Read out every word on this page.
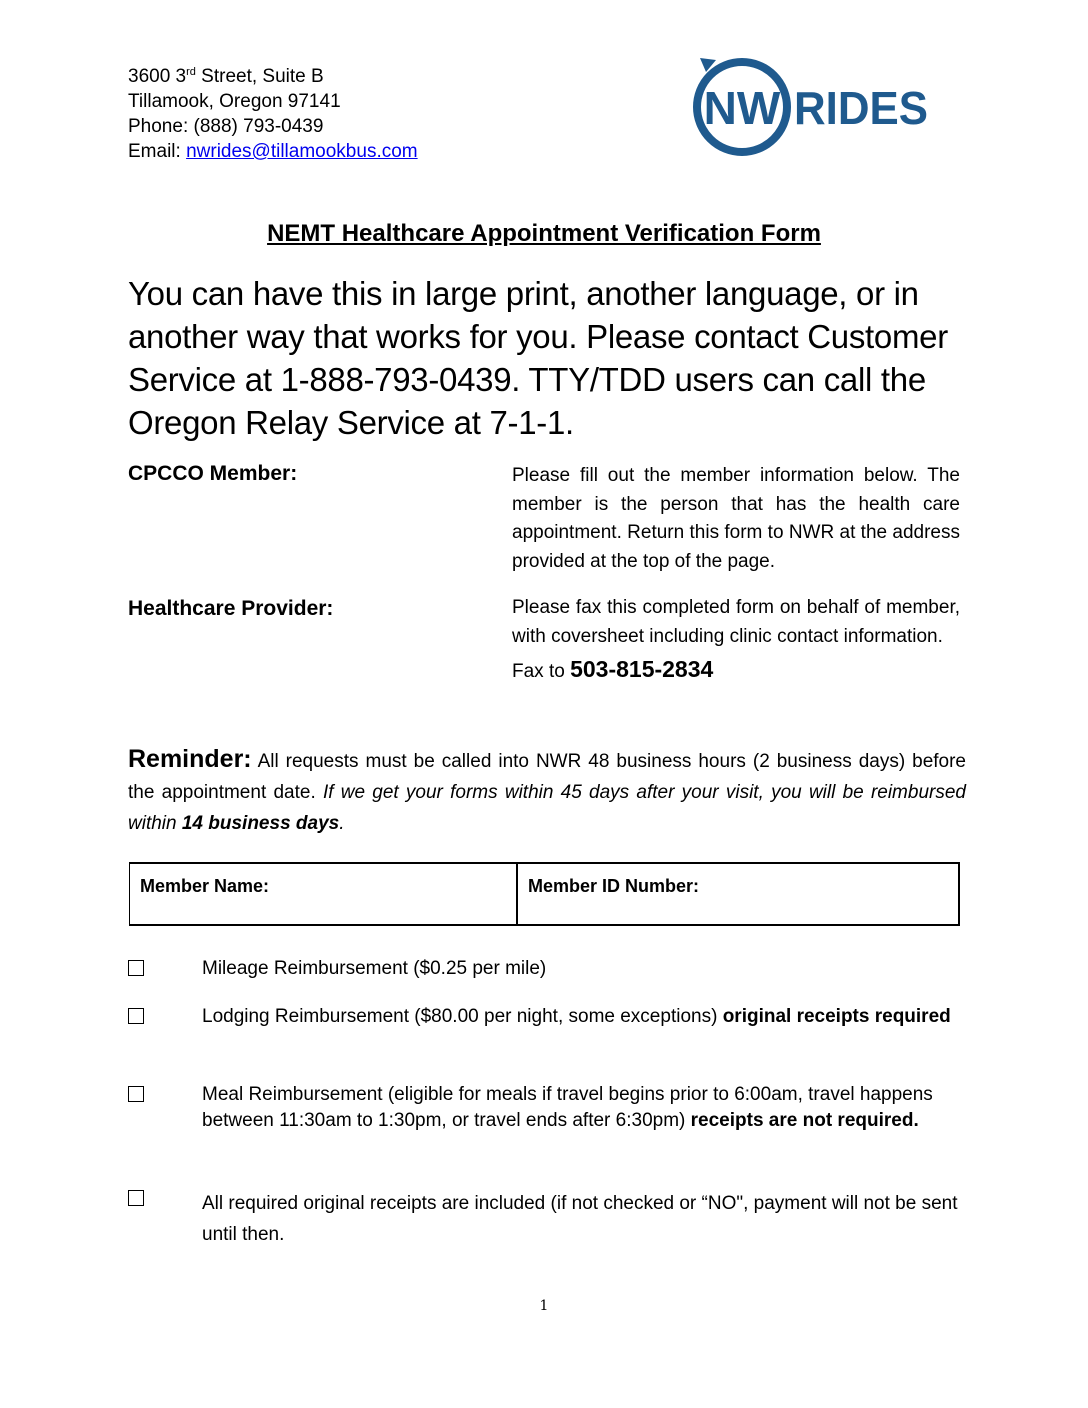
3600 3rd Street, Suite B
Tillamook, Oregon 97141
Phone: (888) 793-0439
Email: nwrides@tillamookbus.com
NW RIDES
NEMT Healthcare Appointment Verification Form
You can have this in large print, another language, or in another way that works for you. Please contact Customer Service at 1-888-793-0439. TTY/TDD users can call the Oregon Relay Service at 7-1-1.
CPCCO Member:	Please fill out the member information below. The member is the person that has the health care appointment. Return this form to NWR at the address provided at the top of the page.
Healthcare Provider:	Please fax this completed form on behalf of member, with coversheet including clinic contact information.
Fax to 503-815-2834
Reminder: All requests must be called into NWR 48 business hours (2 business days) before the appointment date. If we get your forms within 45 days after your visit, you will be reimbursed within 14 business days.
Member Name:	Member ID Number:
Mileage Reimbursement ($0.25 per mile)
Lodging Reimbursement ($80.00 per night, some exceptions) original receipts required
Meal Reimbursement (eligible for meals if travel begins prior to 6:00am, travel happens between 11:30am to 1:30pm, or travel ends after 6:30pm) receipts are not required.
All required original receipts are included (if not checked or “NO", payment will not be sent until then.
1
